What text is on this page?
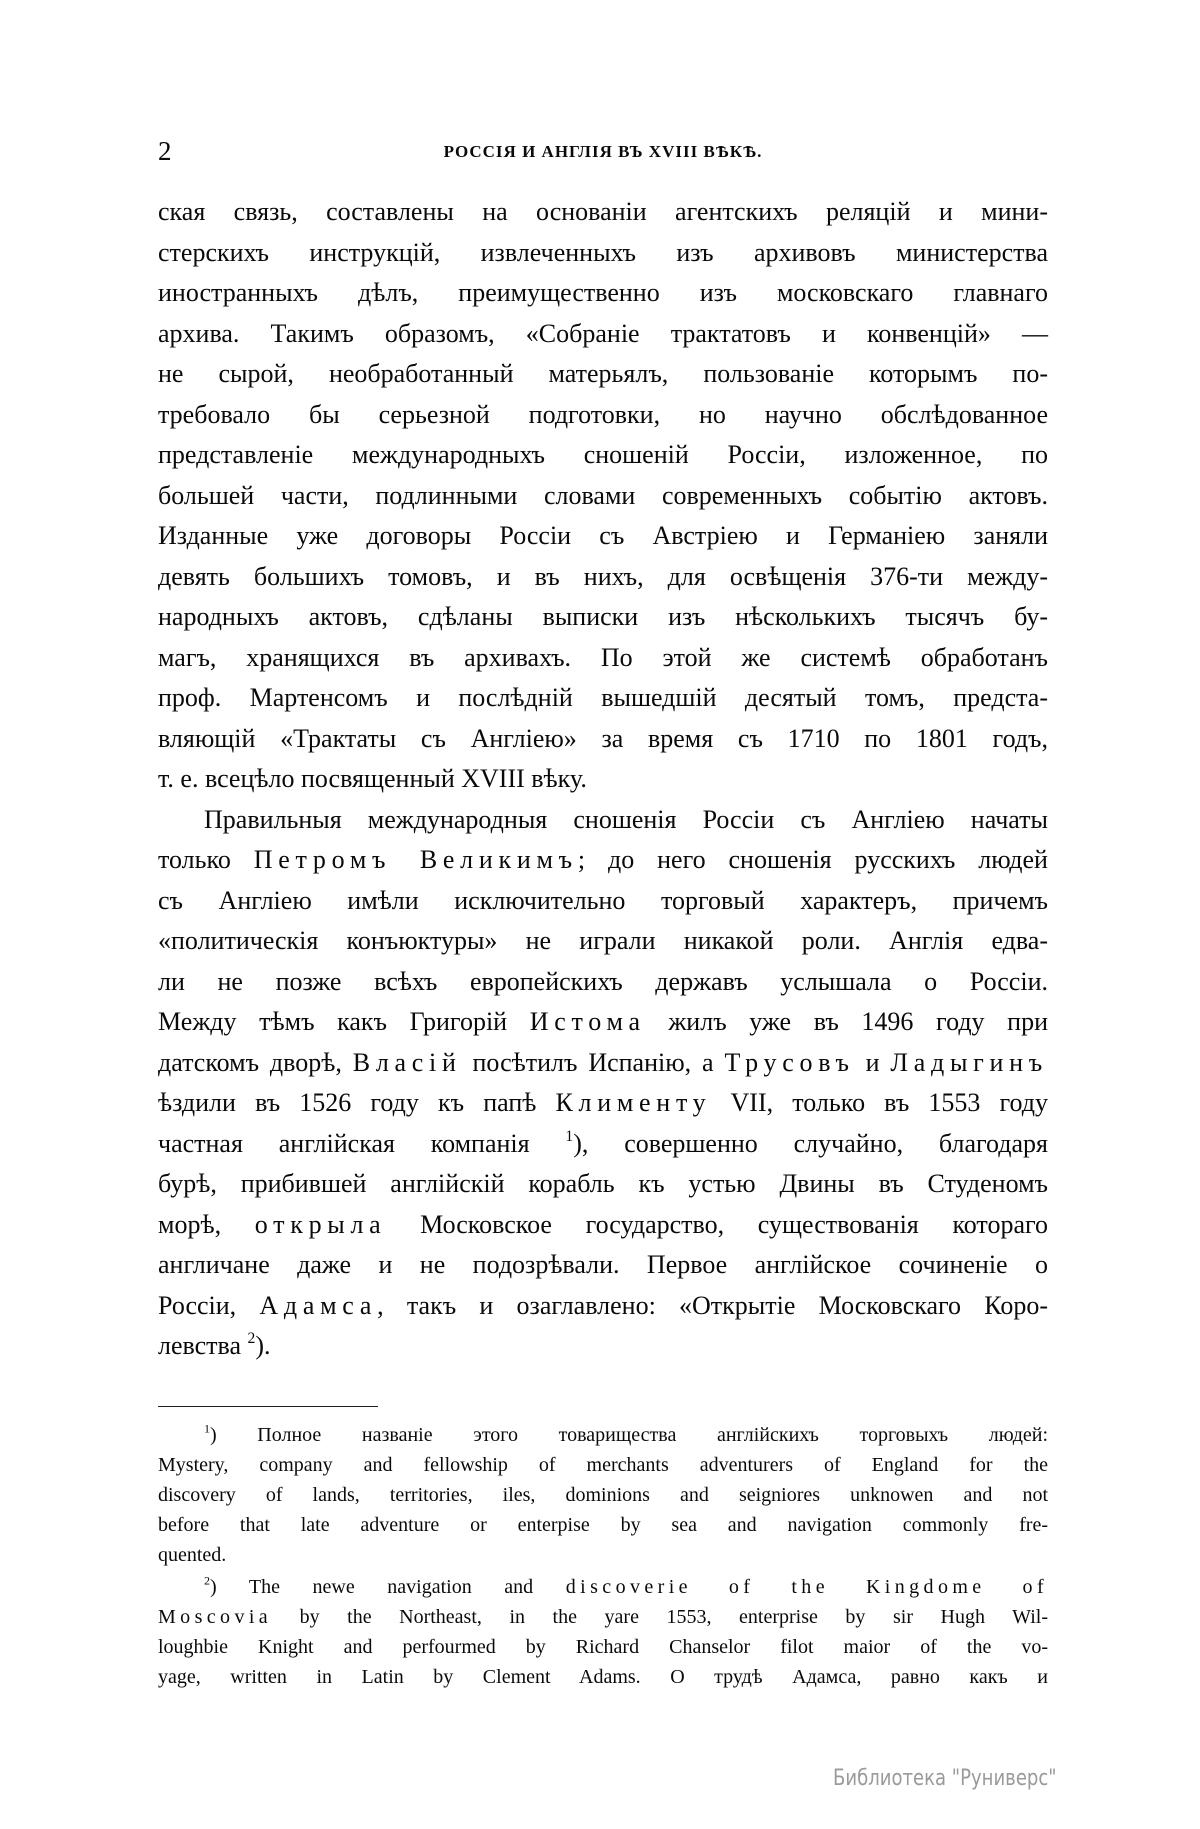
2	РОССIЯ И АНГЛIЯ ВЪ XVIII ВѢКѢ.
ская связь, составлены на основанiи агентскихъ реляцiй и мини-
стерскихъ инструкцiй, извлеченныхъ изъ архивовъ министерства
иностранныхъ дѣлъ, преимущественно изъ московскаго главнаго
архива. Такимъ образомъ, «Собранiе трактатовъ и конвенцiй» —
не сырой, необработанный матерьялъ, пользованiе которымъ по-
требовало бы серьезной подготовки, но научно обслѣдованное
представленiе международныхъ сношенiй Россiи, изложенное, по
большей части, подлинными словами современныхъ событiю актовъ.
Изданные уже договоры Россiи съ Австрiею и Германiею заняли
девять большихъ томовъ, и въ нихъ, для освѣщенiя 376-ти между-
народныхъ актовъ, сдѣланы выписки изъ нѣсколькихъ тысячъ бу-
магъ, хранящихся въ архивахъ. По этой же системѣ обработанъ
проф. Мартенсомъ и послѣднiй вышедшiй десятый томъ, предста-
вляющiй «Трактаты съ Англiею» за время съ 1710 по 1801 годъ,
т. е. всецѣло посвященный XVIII вѣку.
Правильныя международныя сношенiя Россiи съ Англiею начаты
только Петромъ Великимъ; до него сношенiя русскихъ людей
съ Англiею имѣли исключительно торговый характеръ, причемъ
«политическiя конъюктуры» не играли никакой роли. Англiя едва-
ли не позже всѣхъ европейскихъ державъ услышала о Россiи.
Между тѣмъ какъ Григорiй Истома жилъ уже въ 1496 году при
датскомъ дворѣ, Власiй посѣтилъ Испанiю, а Трусовъ и Ладыгинъ
ѣздили въ 1526 году къ папѣ Клименту VII, только въ 1553 году
частная англiйская компанiя $^1$), совершенно случайно, благодаря
бурѣ, прибившей англiйскiй корабль къ устью Двины въ Студеномъ
морѣ, открыла Московское государство, существованiя котораго
англичане даже и не подозрѣвали. Первое англiйское сочиненiе о
Россiи, Адамса, такъ и озаглавлено: «Открытiе Московскаго Коро-
левства $^2$).
$^1$) Полное названiе этого товарищества англiйскихъ торговыхъ людей:
Mystery, company and fellowship of merchants adventurers of England for the
discovery of lands, territories, iles, dominions and seigniores unknowen and not
before that late adventure or enterpise by sea and navigation commonly fre-
quented.
$^2$) The newe navigation and discoverie of the Kingdome of
Moscovia by the Northeast, in the yare 1553, enterprise by sir Hugh Wil-
loughbie Knight and perfourmed by Richard Chanselor filot maior of the vo-
yage, written in Latin by Clement Adams. О трудѣ Адамса, равно какъ и
Библиотека "Руниверс"
